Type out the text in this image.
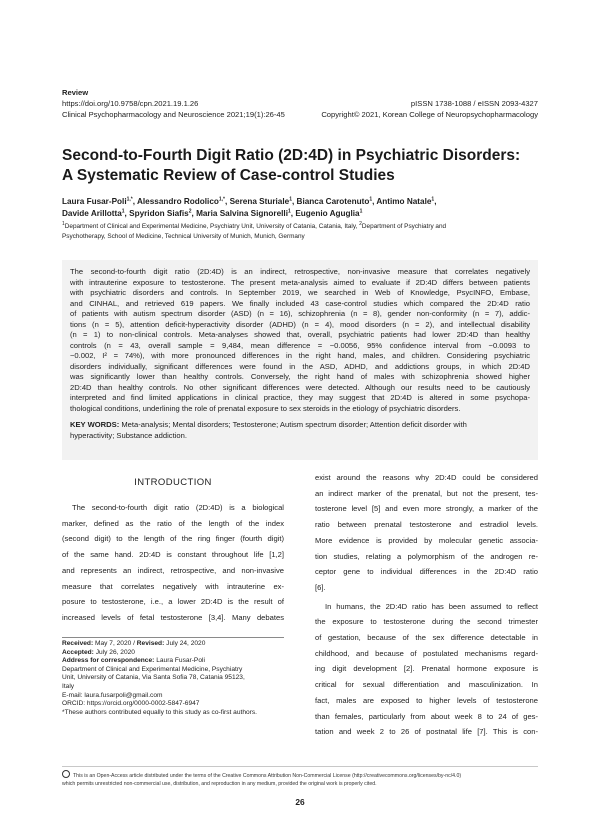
Review
https://doi.org/10.9758/cpn.2021.19.1.26
Clinical Psychopharmacology and Neuroscience 2021;19(1):26-45
pISSN 1738-1088 / eISSN 2093-4327
Copyright© 2021, Korean College of Neuropsychopharmacology
Second-to-Fourth Digit Ratio (2D:4D) in Psychiatric Disorders:
A Systematic Review of Case-control Studies
Laura Fusar-Poli$^{1,*}$, Alessandro Rodolico$^{1,*}$, Serena Sturiale$^1$, Bianca Carotenuto$^1$, Antimo Natale$^1$,
Davide Arillotta$^1$, Spyridon Siafis$^2$, Maria Salvina Signorelli$^1$, Eugenio Aguglia$^1$
$^1$Department of Clinical and Experimental Medicine, Psychiatry Unit, University of Catania, Catania, Italy, $^2$Department of Psychiatry and
Psychotherapy, School of Medicine, Technical University of Munich, Munich, Germany
The second-to-fourth digit ratio (2D:4D) is an indirect, retrospective, non-invasive measure that correlates negatively
with intrauterine exposure to testosterone. The present meta-analysis aimed to evaluate if 2D:4D differs between patients
with psychiatric disorders and controls. In September 2019, we searched in Web of Knowledge, PsycINFO, Embase,
and CINHAL, and retrieved 619 papers. We finally included 43 case-control studies which compared the 2D:4D ratio
of patients with autism spectrum disorder (ASD) (n = 16), schizophrenia (n = 8), gender non-conformity (n = 7), addic-
tions (n = 5), attention deficit-hyperactivity disorder (ADHD) (n = 4), mood disorders (n = 2), and intellectual disability
(n = 1) to non-clinical controls. Meta-analyses showed that, overall, psychiatric patients had lower 2D:4D than healthy
controls (n = 43, overall sample = 9,484, mean difference = −0.0056, 95% confidence interval from −0.0093 to
−0.002, I² = 74%), with more pronounced differences in the right hand, males, and children. Considering psychiatric
disorders individually, significant differences were found in the ASD, ADHD, and addictions groups, in which 2D:4D
was significantly lower than healthy controls. Conversely, the right hand of males with schizophrenia showed higher
2D:4D than healthy controls. No other significant differences were detected. Although our results need to be cautiously
interpreted and find limited applications in clinical practice, they may suggest that 2D:4D is altered in some psychopa-
thological conditions, underlining the role of prenatal exposure to sex steroids in the etiology of psychiatric disorders.
KEY WORDS: Meta-analysis; Mental disorders; Testosterone; Autism spectrum disorder; Attention deficit disorder with
hyperactivity; Substance addiction.
INTRODUCTION
The second-to-fourth digit ratio (2D:4D) is a biological
marker, defined as the ratio of the length of the index
(second digit) to the length of the ring finger (fourth digit)
of the same hand. 2D:4D is constant throughout life [1,2]
and represents an indirect, retrospective, and non-invasive
measure that correlates negatively with intrauterine ex-
posure to testosterone, i.e., a lower 2D:4D is the result of
increased levels of fetal testosterone [3,4]. Many debates
exist around the reasons why 2D:4D could be considered
an indirect marker of the prenatal, but not the present, tes-
tosterone level [5] and even more strongly, a marker of the
ratio between prenatal testosterone and estradiol levels.
More evidence is provided by molecular genetic associa-
tion studies, relating a polymorphism of the androgen re-
ceptor gene to individual differences in the 2D:4D ratio
[6].
In humans, the 2D:4D ratio has been assumed to reflect
the exposure to testosterone during the second trimester
of gestation, because of the sex difference detectable in
childhood, and because of postulated mechanisms regard-
ing digit development [2]. Prenatal hormone exposure is
critical for sexual differentiation and masculinization. In
fact, males are exposed to higher levels of testosterone
than females, particularly from about week 8 to 24 of ges-
tation and week 2 to 26 of postnatal life [7]. This is con-
Received: May 7, 2020 / Revised: July 24, 2020
Accepted: July 26, 2020
Address for correspondence: Laura Fusar-Poli
Department of Clinical and Experimental Medicine, Psychiatry
Unit, University of Catania, Via Santa Sofia 78, Catania 95123,
Italy
E-mail: laura.fusarpoli@gmail.com
ORCID: https://orcid.org/0000-0002-5847-6947
*These authors contributed equally to this study as co-first authors.
This is an Open-Access article distributed under the terms of the Creative Commons Attribution Non-Commercial License (http://creativecommons.org/licenses/by-nc/4.0)
which permits unrestricted non-commercial use, distribution, and reproduction in any medium, provided the original work is properly cited.
26
